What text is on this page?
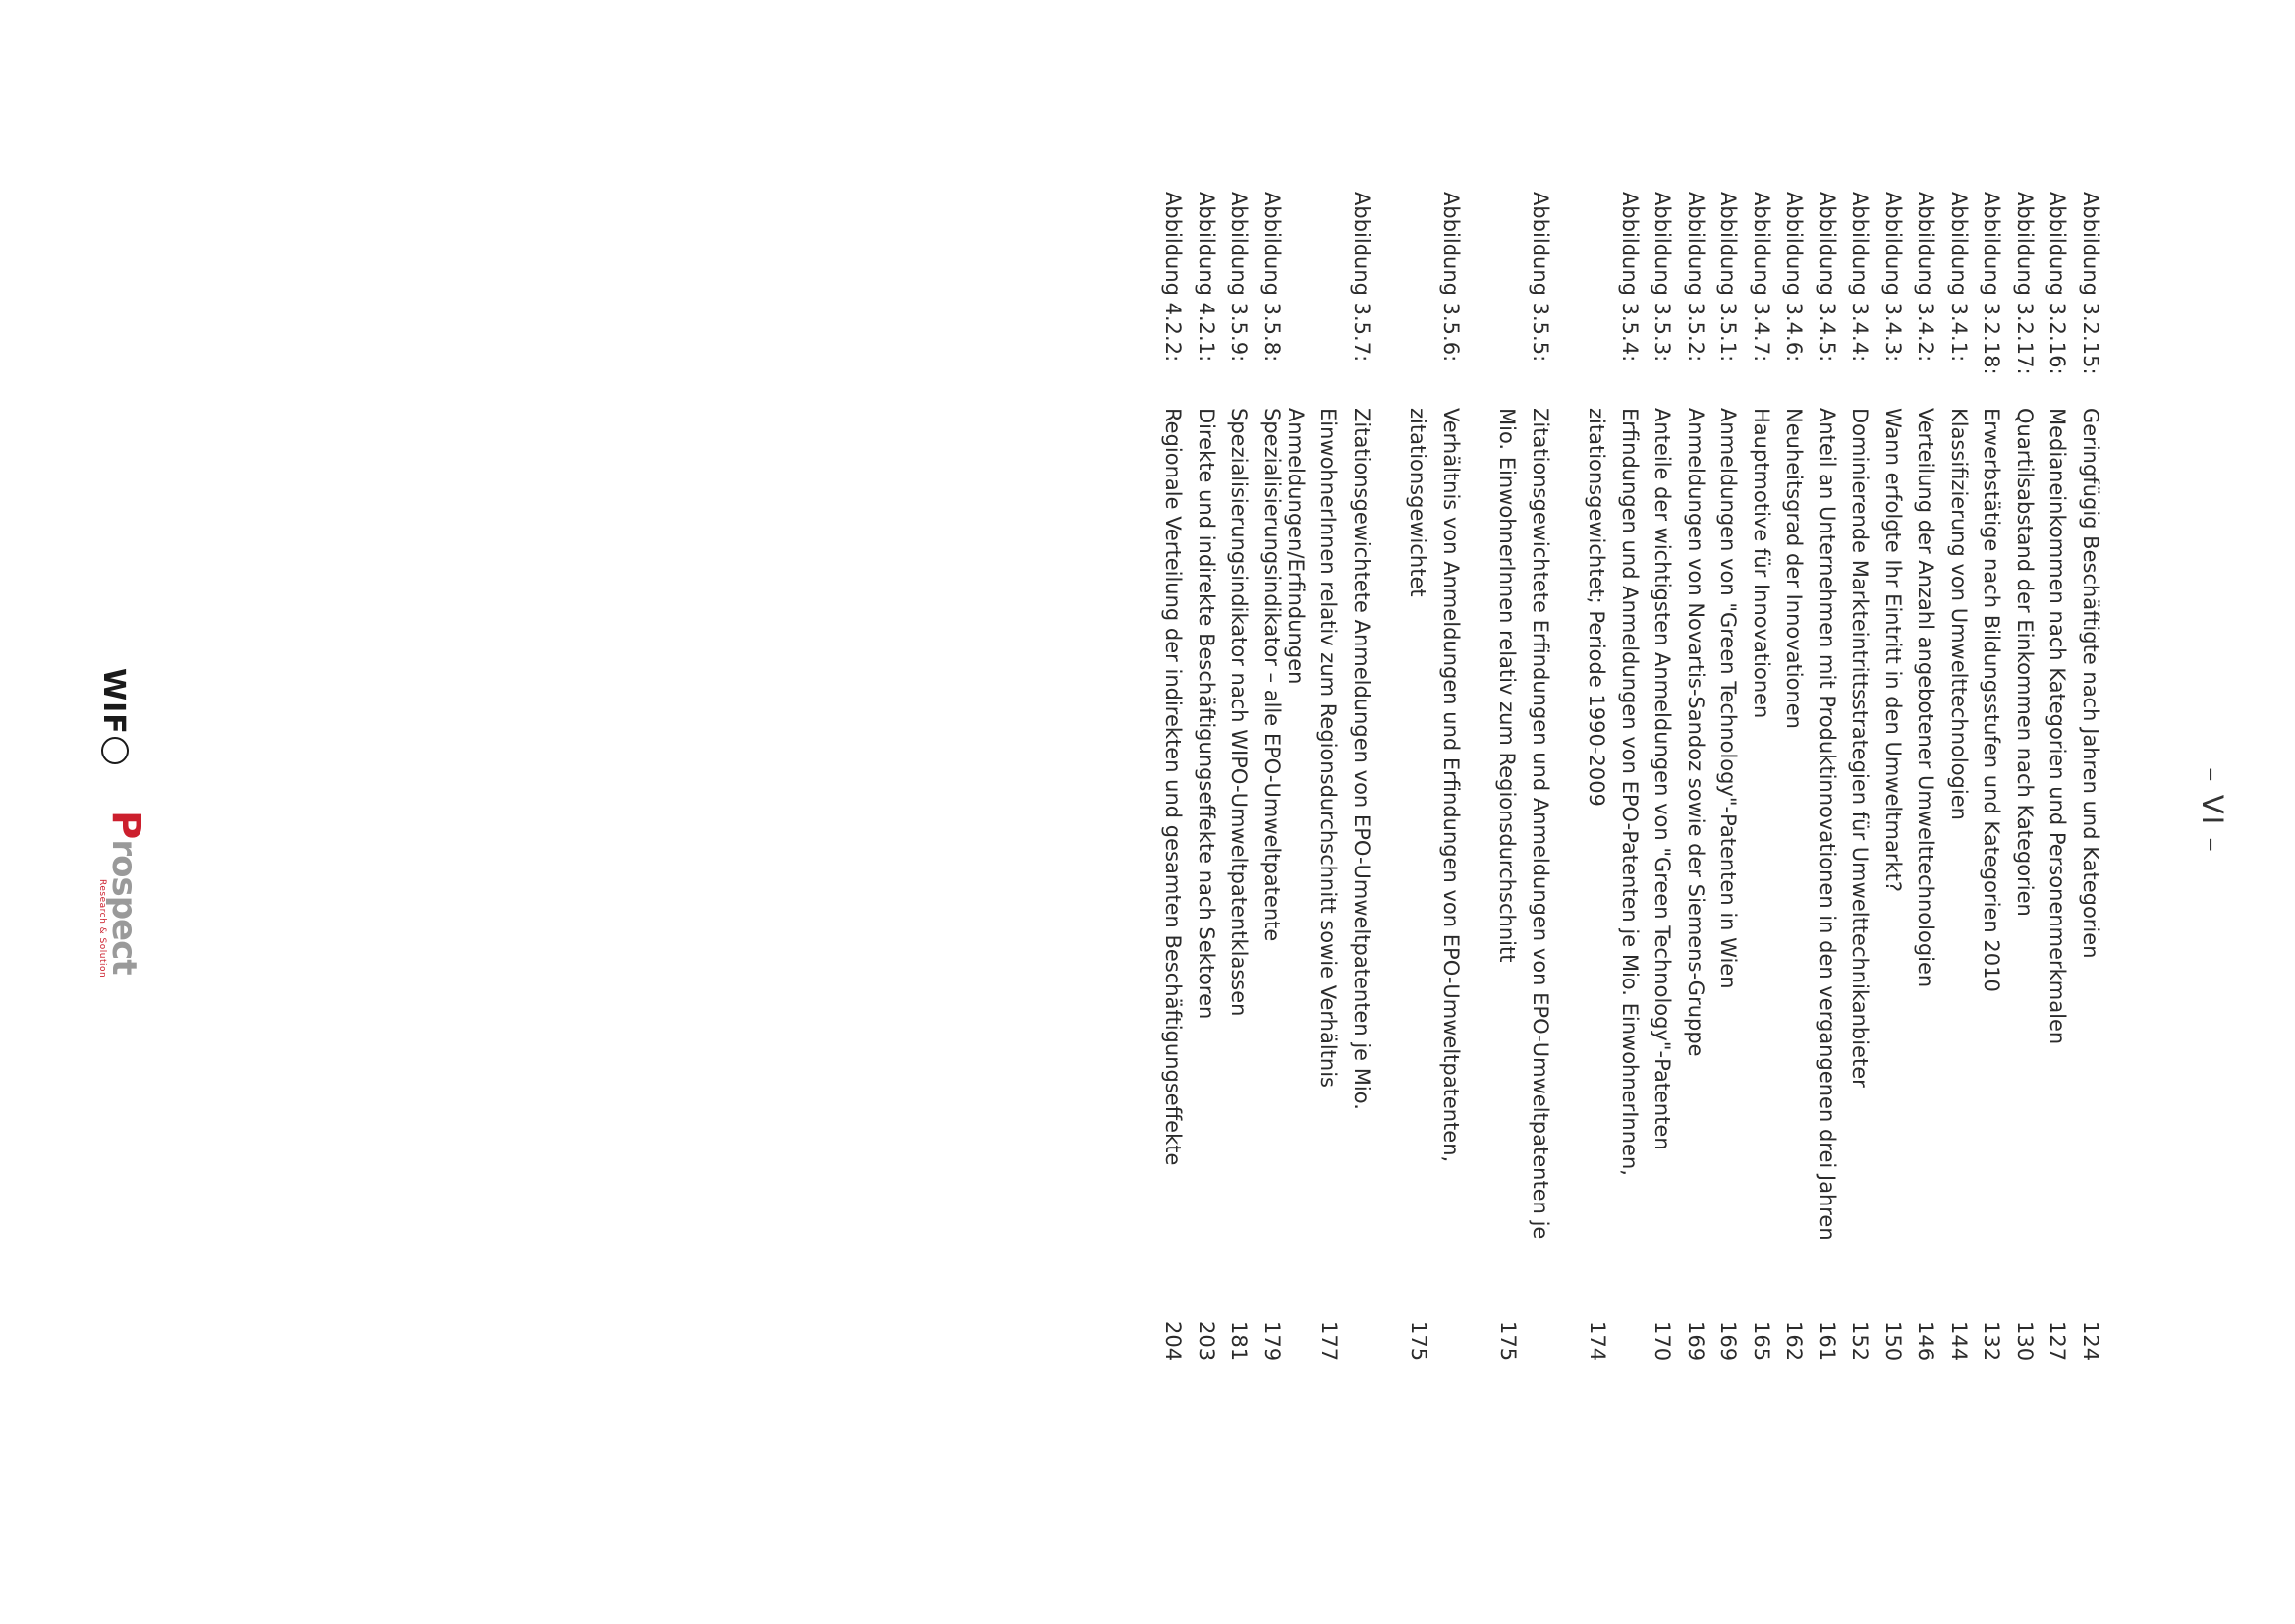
– VI –
Abbildung 3.2.15:
Geringfügig Beschäftigte nach Jahren und Kategorien
124
Abbildung 3.2.16:
Medianeinkommen nach Kategorien und Personenmerkmalen
127
Abbildung 3.2.17:
Quartilsabstand der Einkommen nach Kategorien
130
Abbildung 3.2.18:
Erwerbstätige nach Bildungsstufen und Kategorien 2010
132
Abbildung 3.4.1:
Klassifizierung von Umwelttechnologien
144
Abbildung 3.4.2:
Verteilung der Anzahl angebotener Umwelttechnologien
146
Abbildung 3.4.3:
Wann erfolgte Ihr Eintritt in den Umweltmarkt?
150
Abbildung 3.4.4:
Dominierende Markteintrittsstrategien für Umwelttechnikanbieter
152
Abbildung 3.4.5:
Anteil an Unternehmen mit Produktinnovationen in den vergangenen drei Jahren
161
Abbildung 3.4.6:
Neuheitsgrad der Innovationen
162
Abbildung 3.4.7:
Hauptmotive für Innovationen
165
Abbildung 3.5.1:
Anmeldungen von "Green Technology"-Patenten in Wien
169
Abbildung 3.5.2:
Anmeldungen von Novartis-Sandoz sowie der Siemens-Gruppe
169
Abbildung 3.5.3:
Anteile der wichtigsten Anmeldungen von "Green Technology"-Patenten
170
Abbildung 3.5.4:
Erfindungen und Anmeldungen von EPO-Patenten je Mio. EinwohnerInnen, zitationsgewichtet; Periode 1990-2009
174
Abbildung 3.5.5:
Zitationsgewichtete Erfindungen und Anmeldungen von EPO-Umweltpatenten je Mio. EinwohnerInnen relativ zum Regionsdurchschnitt
175
Abbildung 3.5.6:
Verhältnis von Anmeldungen und Erfindungen von EPO-Umweltpatenten, zitationsgewichtet
175
Abbildung 3.5.7:
Zitationsgewichtete Anmeldungen von EPO-Umweltpatenten je Mio. EinwohnerInnen relativ zum Regionsdurchschnitt sowie Verhältnis Anmeldungen/Erfindungen
177
Abbildung 3.5.8:
Spezialisierungsindikator – alle EPO-Umweltpatente
179
Abbildung 3.5.9:
Spezialisierungsindikator nach WIPO-Umweltpatentklassen
181
Abbildung 4.2.1:
Direkte und indirekte Beschäftigungseffekte nach Sektoren
203
Abbildung 4.2.2:
Regionale Verteilung der indirekten und gesamten Beschäftigungseffekte
204
WIF
Prospect
Research & Solution
